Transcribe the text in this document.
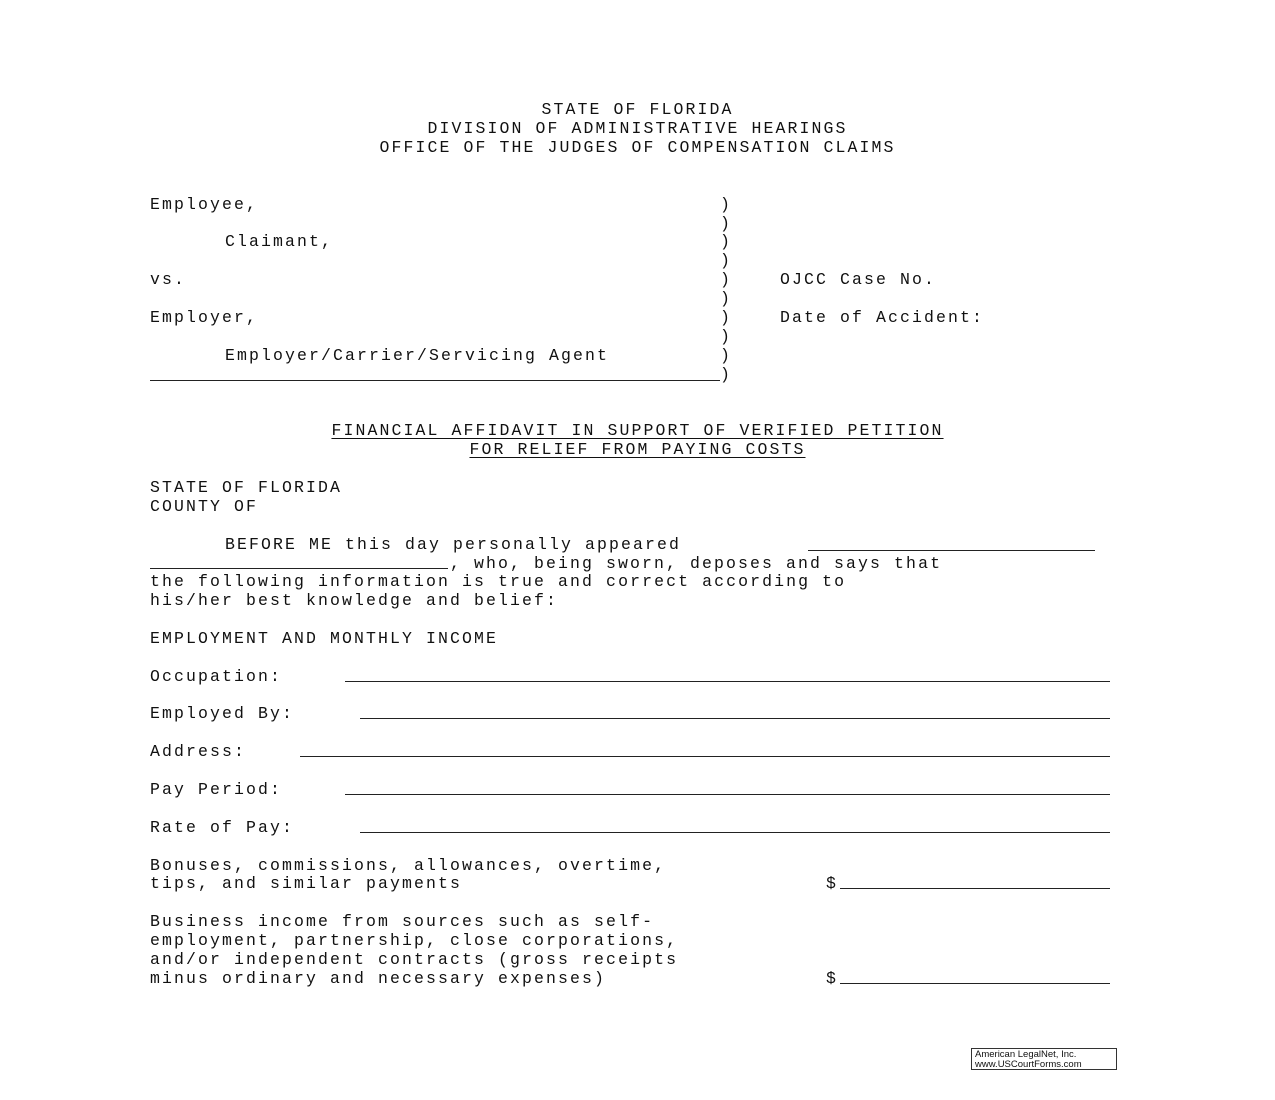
STATE OF FLORIDA
DIVISION OF ADMINISTRATIVE HEARINGS
OFFICE OF THE JUDGES OF COMPENSATION CLAIMS
Employee,
Claimant,
vs.
Employer,
Employer/Carrier/Servicing Agent
)
)
)
)
)
)
)
)
)
)
OJCC Case No.
Date of Accident:
FINANCIAL AFFIDAVIT IN SUPPORT OF VERIFIED PETITION
FOR RELIEF FROM PAYING COSTS
STATE OF FLORIDA
COUNTY OF
BEFORE ME this day personally appeared
, who, being sworn, deposes and says that
the following information is true and correct according to
his/her best knowledge and belief:
EMPLOYMENT AND MONTHLY INCOME
Occupation:
Employed By:
Address:
Pay Period:
Rate of Pay:
Bonuses, commissions, allowances, overtime,
tips, and similar payments	$
Business income from sources such as self-
employment, partnership, close corporations,
and/or independent contracts (gross receipts
minus ordinary and necessary expenses)	$
American LegalNet, Inc.
www.USCourtForms.com
